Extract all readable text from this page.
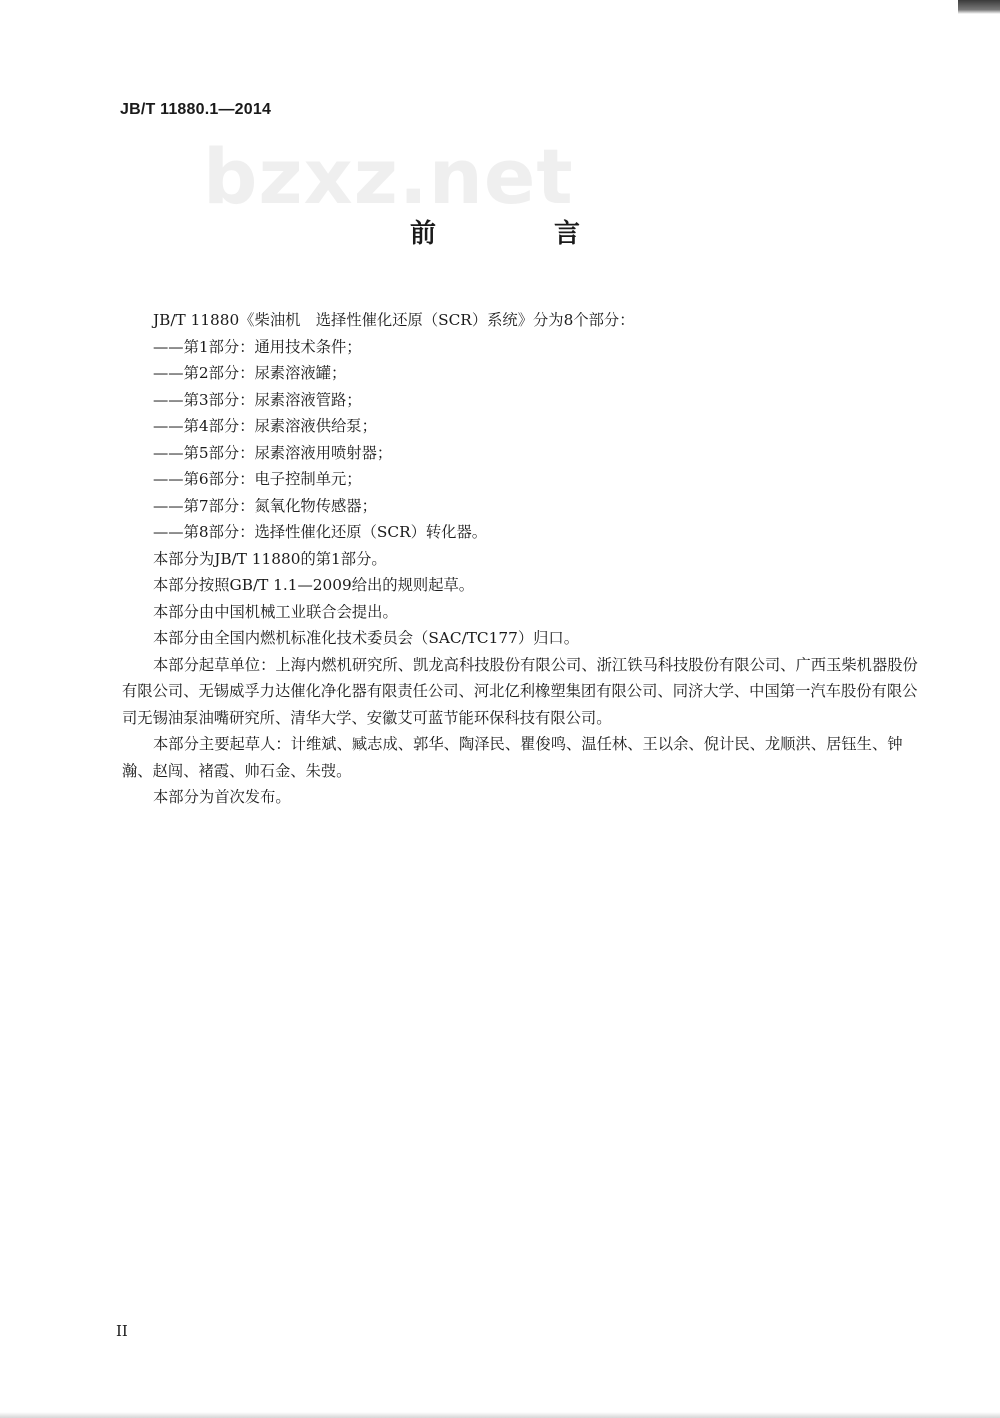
JB/T 11880.1—2014
bzxz.net
前　言

JB/T 11880《柴油机　选择性催化还原（SCR）系统》分为8个部分：

——第1部分：通用技术条件；

——第2部分：尿素溶液罐；

——第3部分：尿素溶液管路；

——第4部分：尿素溶液供给泵；

——第5部分：尿素溶液用喷射器；

——第6部分：电子控制单元；

——第7部分：氮氧化物传感器；

——第8部分：选择性催化还原（SCR）转化器。

本部分为JB/T 11880的第1部分。

本部分按照GB/T 1.1—2009给出的规则起草。

本部分由中国机械工业联合会提出。

本部分由全国内燃机标准化技术委员会（SAC/TC177）归口。

本部分起草单位：上海内燃机研究所、凯龙高科技股份有限公司、浙江铁马科技股份有限公司、广西玉柴机器股份有限公司、无锡威孚力达催化净化器有限责任公司、河北亿利橡塑集团有限公司、同济大学、中国第一汽车股份有限公司无锡油泵油嘴研究所、清华大学、安徽艾可蓝节能环保科技有限公司。

本部分主要起草人：计维斌、臧志成、郭华、陶泽民、瞿俊鸣、温任林、王以余、倪计民、龙顺洪、居钰生、钟瀚、赵闯、褚霞、帅石金、朱弢。

本部分为首次发布。

II
